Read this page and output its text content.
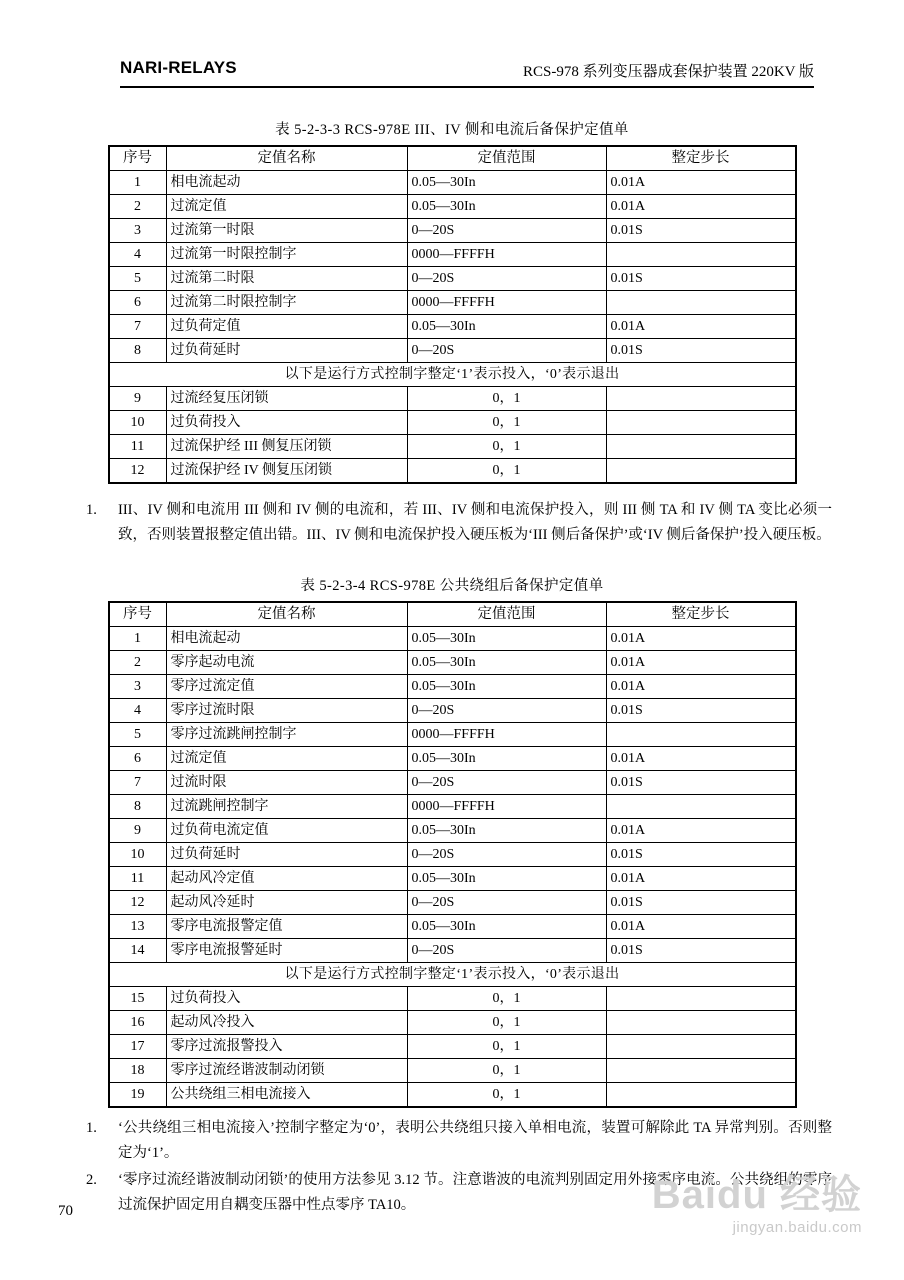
NARI-RELAYS	RCS-978 系列变压器成套保护装置 220KV 版

表 5-2-3-3 RCS-978E III、IV 侧和电流后备保护定值单

序号	定值名称	定值范围	整定步长
1	相电流起动	0.05—30In	0.01A
2	过流定值	0.05—30In	0.01A
3	过流第一时限	0—20S	0.01S
4	过流第一时限控制字	0000—FFFFH	
5	过流第二时限	0—20S	0.01S
6	过流第二时限控制字	0000—FFFFH	
7	过负荷定值	0.05—30In	0.01A
8	过负荷延时	0—20S	0.01S
以下是运行方式控制字整定‘1’表示投入，‘0’表示退出			
9	过流经复压闭锁	0，1	
10	过负荷投入	0，1	
11	过流保护经 III 侧复压闭锁	0，1	
12	过流保护经 IV 侧复压闭锁	0，1	
1. III、IV 侧和电流用 III 侧和 IV 侧的电流和，若 III、IV 侧和电流保护投入，则 III 侧 TA 和 IV 侧 TA 变比必须一致，否则装置报整定值出错。III、IV 侧和电流保护投入硬压板为‘III 侧后备保护’或‘IV 侧后备保护’投入硬压板。

表 5-2-3-4 RCS-978E 公共绕组后备保护定值单

序号	定值名称	定值范围	整定步长
1	相电流起动	0.05—30In	0.01A
2	零序起动电流	0.05—30In	0.01A
3	零序过流定值	0.05—30In	0.01A
4	零序过流时限	0—20S	0.01S
5	零序过流跳闸控制字	0000—FFFFH	
6	过流定值	0.05—30In	0.01A
7	过流时限	0—20S	0.01S
8	过流跳闸控制字	0000—FFFFH	
9	过负荷电流定值	0.05—30In	0.01A
10	过负荷延时	0—20S	0.01S
11	起动风冷定值	0.05—30In	0.01A
12	起动风冷延时	0—20S	0.01S
13	零序电流报警定值	0.05—30In	0.01A
14	零序电流报警延时	0—20S	0.01S
以下是运行方式控制字整定‘1’表示投入，‘0’表示退出			
15	过负荷投入	0，1	
16	起动风冷投入	0，1	
17	零序过流报警投入	0，1	
18	零序过流经谐波制动闭锁	0，1	
19	公共绕组三相电流接入	0，1	
1. ‘公共绕组三相电流接入’控制字整定为‘0’，表明公共绕组只接入单相电流，装置可解除此 TA 异常判别。否则整定为‘1’。
2. ‘零序过流经谐波制动闭锁’的使用方法参见 3.12 节。注意谐波的电流判别固定用外接零序电流。公共绕组的零序过流保护固定用自耦变压器中性点零序 TA10。
70	Baidu 经验
jingyan.baidu.com
